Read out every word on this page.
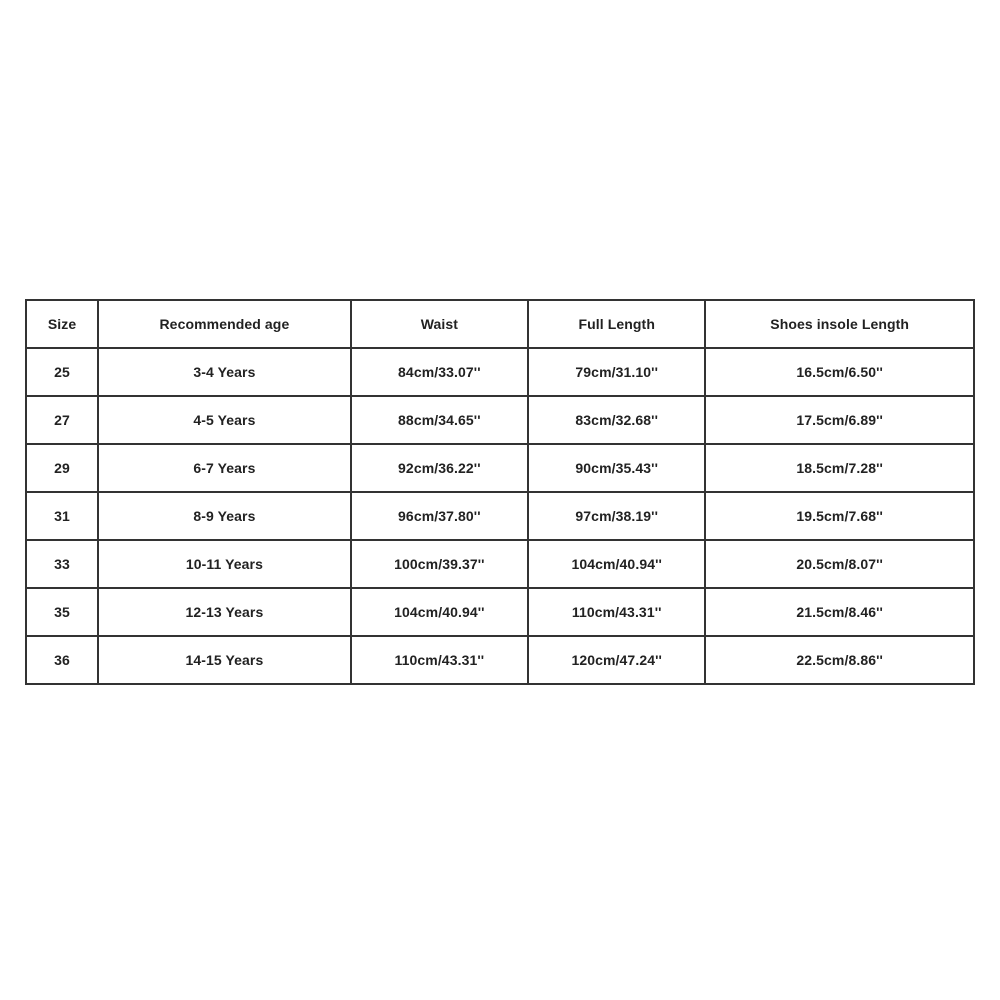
Size	Recommended age	Waist	Full Length	Shoes insole Length
25	3-4 Years	84cm/33.07''	79cm/31.10''	16.5cm/6.50''
27	4-5 Years	88cm/34.65''	83cm/32.68''	17.5cm/6.89''
29	6-7 Years	92cm/36.22''	90cm/35.43''	18.5cm/7.28''
31	8-9 Years	96cm/37.80''	97cm/38.19''	19.5cm/7.68''
33	10-11 Years	100cm/39.37''	104cm/40.94''	20.5cm/8.07''
35	12-13 Years	104cm/40.94''	110cm/43.31''	21.5cm/8.46''
36	14-15 Years	110cm/43.31''	120cm/47.24''	22.5cm/8.86''
